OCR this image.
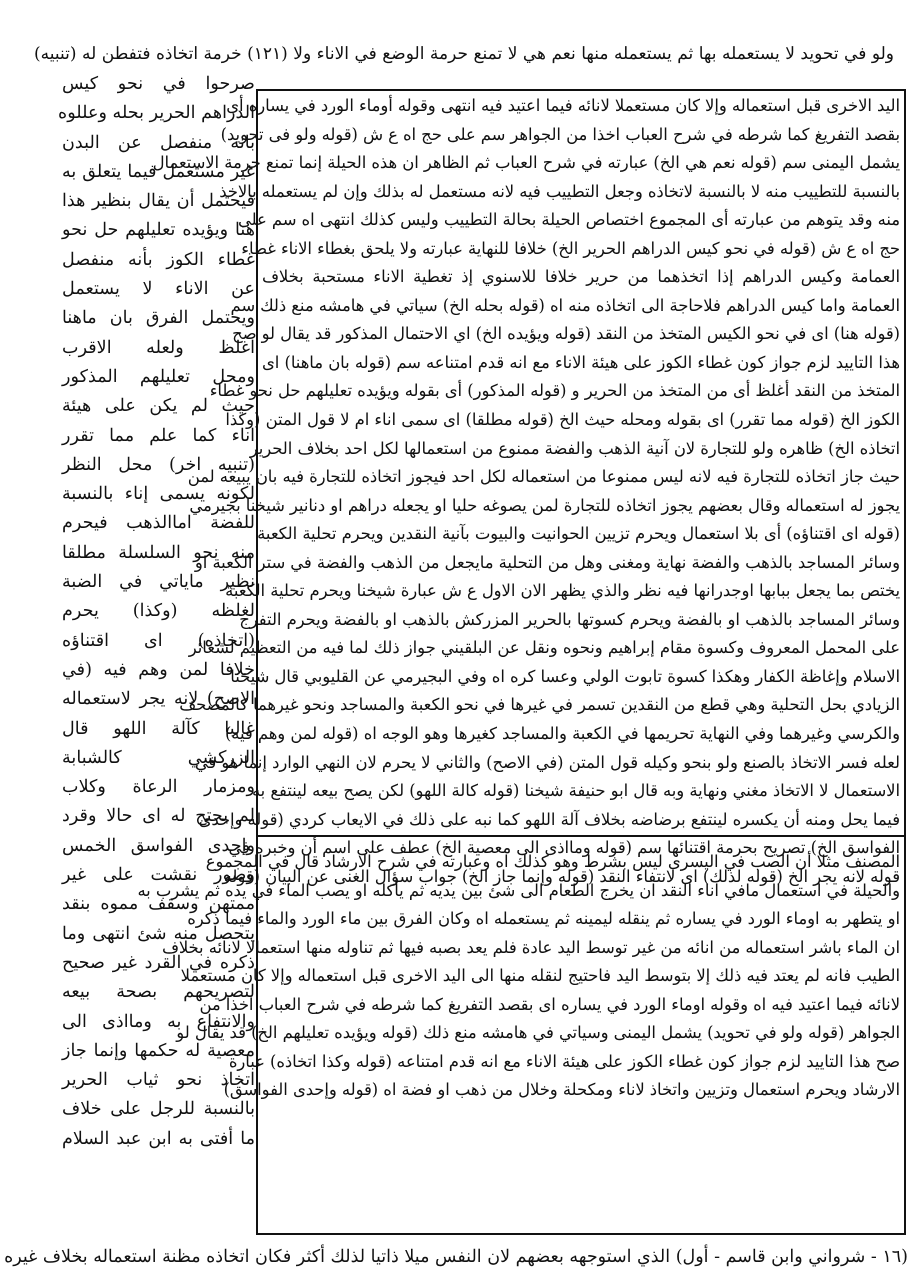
ولو في تحويد لا يستعمله بها ثم يستعمله منها نعم هي لا تمنع حرمة الوضع في الاناء ولا (١٢١) خرمة اتخاذه فتفطن له (تنبيه)
صرحوا في نحو كيس
الدراهم الحرير بحله وعللوه
بانه منفصل عن البدن
غير مستعمل فيما يتعلق به
فيحتمل أن يقال بنظير هذا
هنا ويؤيده تعليلهم حل نحو
غطاء الكوز بأنه منفصل
عن الاناء لا يستعمل
ويحتمل الفرق بان ماهنا
اغلظ ولعله الاقرب
ومحل تعليلهم المذكور
حيث لم يكن على هيئة
اناء كما علم مما تقرر
(تنبيه اخر) محل النظر
لكونه يسمى إناء بالنسبة
للفضة اماالذهب فيحرم
منه نحو السلسلة مطلقا
نظير ماياتي في الضبة
لغلظه (وكذا) يحرم
(اتخاذه) اى اقتناؤه
خلافا لمن وهم فيه (في
الاصح) لانه يجر لاستعماله
غالبا كآلة اللهو قال
الزركشي كالشبابة
ومزمار الرعاة وكلاب
لم يحتج له اى حالا وقرد
وإحدى الفواسق الخمس
وصور نقشت على غير
ممتهن وسقف مموه بنقد
يتحصل منه شئ انتهى وما
ذكره في القرد غير صحيح
لتصريحهم بصحة بيعه
والانتفاع به ومااذى الى
معصية له حكمها وإنما جاز
اتخاذ نحو ثياب الحرير
بالنسبة للرجل على خلاف
ما أفتى به ابن عبد السلام
اليد الاخرى قبل استعماله وإلا كان مستعملا لانائه فيما اعتيد فيه انتهى وقوله أوماء الورد في يساره أى
بقصد التفريغ كما شرطه في شرح العباب اخذا من الجواهر سم على حج اه ع ش (قوله ولو فى تحويد)
يشمل اليمنى سم (قوله نعم هي الخ) عبارته في شرح العباب ثم الظاهر ان هذه الحيلة إنما تمنع حرمة الاستعمال
بالنسبة للتطييب منه لا بالنسبة لاتخاذه وجعل التطييب فيه لانه مستعمل له بذلك وإن لم يستعمله بالاخذ
منه وقد يتوهم من عبارته أى المجموع اختصاص الحيلة بحالة التطييب وليس كذلك انتهى اه سم على
حج اه ع ش (قوله في نحو كيس الدراهم الحرير الخ) خلافا للنهاية عبارته ولا يلحق بغطاء الاناء غطاء
العمامة وكيس الدراهم إذا اتخذهما من حرير خلافا للاسنوي إذ تغطية الاناء مستحبة بخلاف
العمامة واما كيس الدراهم فلاحاجة الى اتخاذه منه اه (قوله بحله الخ) سياتي في هامشه منع ذلك سم
(قوله هنا) اى في نحو الكيس المتخذ من النقد (قوله ويؤيده الخ) اي الاحتمال المذكور قد يقال لو صح
هذا التاييد لزم جواز كون غطاء الكوز على هيئة الاناء مع انه قدم امتناعه سم (قوله بان ماهنا) اى
المتخذ من النقد أغلظ أى من المتخذ من الحرير و (قوله المذكور) أى بقوله ويؤيده تعليلهم حل نحو غطاء
الكوز الخ (قوله مما تقرر) اى بقوله ومحله حيث الخ (قوله مطلقا) اى سمى اناء ام لا قول المتن (وكذا
اتخاذه الخ) ظاهره ولو للتجارة لان آنية الذهب والفضة ممنوع من استعمالها لكل احد بخلاف الحرير
حيث جاز اتخاذه للتجارة فيه لانه ليس ممنوعا من استعماله لكل احد فيجوز اتخاذه للتجارة فيه بان يبيعه لمن
يجوز له استعماله وقال بعضهم يجوز اتخاذه للتجارة لمن يصوغه حليا او يجعله دراهم او دنانير شيخنا بجيرمي
(قوله اى اقتناؤه) أى بلا استعمال ويحرم تزيين الحوانيت والبيوت بآنية النقدين ويحرم تحلية الكعبة
وسائر المساجد بالذهب والفضة نهاية ومغنى وهل من التحلية مايجعل من الذهب والفضة في ستر الكعبة او
يختص بما يجعل ببابها اوجدرانها فيه نظر والذي يظهر الان الاول ع ش عبارة شيخنا ويحرم تحلية الكعبة
وسائر المساجد بالذهب او بالفضة ويحرم كسوتها بالحرير المزركش بالذهب او بالفضة ويحرم التفرج
على المحمل المعروف وكسوة مقام إبراهيم ونحوه ونقل عن البلقيني جواز ذلك لما فيه من التعظيم لشعائر
الاسلام وإغاظة الكفار وهكذا كسوة تابوت الولي وعسا كره اه وفي البجيرمي عن القليوبي قال شيخنا
الزيادي بحل التحلية وهي قطع من النقدين تسمر في غيرها في نحو الكعبة والمساجد ونحو غيرهما كالمصحف
والكرسي وغيرهما وفي النهاية تحريمها في الكعبة والمساجد كغيرها وهو الوجه اه (قوله لمن وهم فيه)
لعله فسر الاتخاذ بالصنع ولو بنحو وكيله قول المتن (في الاصح) والثاني لا يحرم لان النهي الوارد إنما هو في
الاستعمال لا الاتخاذ مغني ونهاية وبه قال ابو حنيفة شيخنا (قوله كالة اللهو) لكن يصح بيعه لينتفع به
فيما يحل ومنه أن يكسره لينتفع برضاضه بخلاف آلة اللهو كما نبه على ذلك في الايعاب كردي (قوله وإحدى
الفواسق الخ) تصريح بحرمة اقتنائها سم (قوله ومااذى الى معصية الخ) عطف على اسم أن وخبره في
قوله لانه يجر الخ (قوله لذلك) اى لانتفاء النقد (قوله وإنما جاز الخ) جواب سؤال الغنى عن البيان (قوله
المصنف مثلا أن الصب في اليسرى ليس بشرط وهو كذلك اه وعبارته في شرح الارشاد قال في المجموع
والحيلة في استعمال مافي اناء النقد ان يخرج الطعام الى شئ بين يديه ثم يأكله او يصب الماء في يده ثم يشرب به
او يتطهر به اوماء الورد في يساره ثم ينقله ليمينه ثم يستعمله اه وكان الفرق بين ماء الورد والماء فيما ذكره
ان الماء باشر استعماله من انائه من غير توسط اليد عادة فلم يعد بصبه فيها ثم تناوله منها استعمالا لانائه بخلاف
الطيب فانه لم يعتد فيه ذلك إلا بتوسط اليد فاحتيج لنقله منها الى اليد الاخرى قبل استعماله وإلا كان مستعملا
لانائه فيما اعتيد فيه اه وقوله اوماء الورد في يساره اى بقصد التفريغ كما شرطه في شرح العباب اخذا من
الجواهر (قوله ولو في تحويد) يشمل اليمنى وسياتي في هامشه منع ذلك (قوله ويؤيده تعليلهم الخ) قد يقال لو
صح هذا التاييد لزم جواز كون غطاء الكوز على هيئة الاناء مع انه قدم امتناعه (قوله وكذا اتخاذه) عبارة
الارشاد ويحرم استعمال وتزيين واتخاذ لاناء ومكحلة وخلال من ذهب او فضة اه (قوله وإحدى الفواسق)
(١٦ - شرواني وابن قاسم - أول) الذي استوجهه بعضهم لان النفس ميلا ذاتيا لذلك أكثر فكان اتخاذه مظنة استعماله بخلاف غيره
